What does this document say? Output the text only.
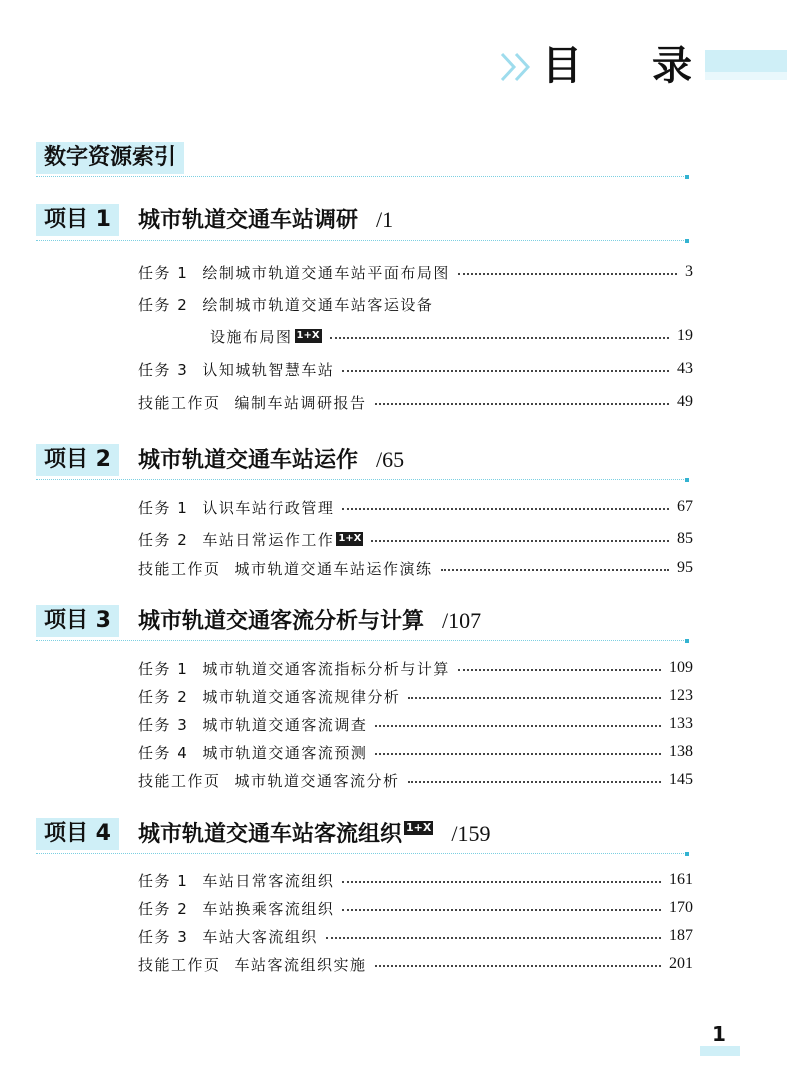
目 录
数字资源索引
项目 1 城市轨道交通车站调研 /1
任务 1 绘制城市轨道交通车站平面布局图	3
任务 2 绘制城市轨道交通车站客运设备
设施布局图 1+X	19
任务 3 认知城轨智慧车站	43
技能工作页 编制车站调研报告	49
项目 2 城市轨道交通车站运作 /65
任务 1 认识车站行政管理	67
任务 2 车站日常运作工作 1+X	85
技能工作页 城市轨道交通车站运作演练	95
项目 3 城市轨道交通客流分析与计算 /107
任务 1 城市轨道交通客流指标分析与计算	109
任务 2 城市轨道交通客流规律分析	123
任务 3 城市轨道交通客流调查	133
任务 4 城市轨道交通客流预测	138
技能工作页 城市轨道交通客流分析	145
项目 4 城市轨道交通车站客流组织 1+X /159
任务 1 车站日常客流组织	161
任务 2 车站换乘客流组织	170
任务 3 车站大客流组织	187
技能工作页 车站客流组织实施	201
1
